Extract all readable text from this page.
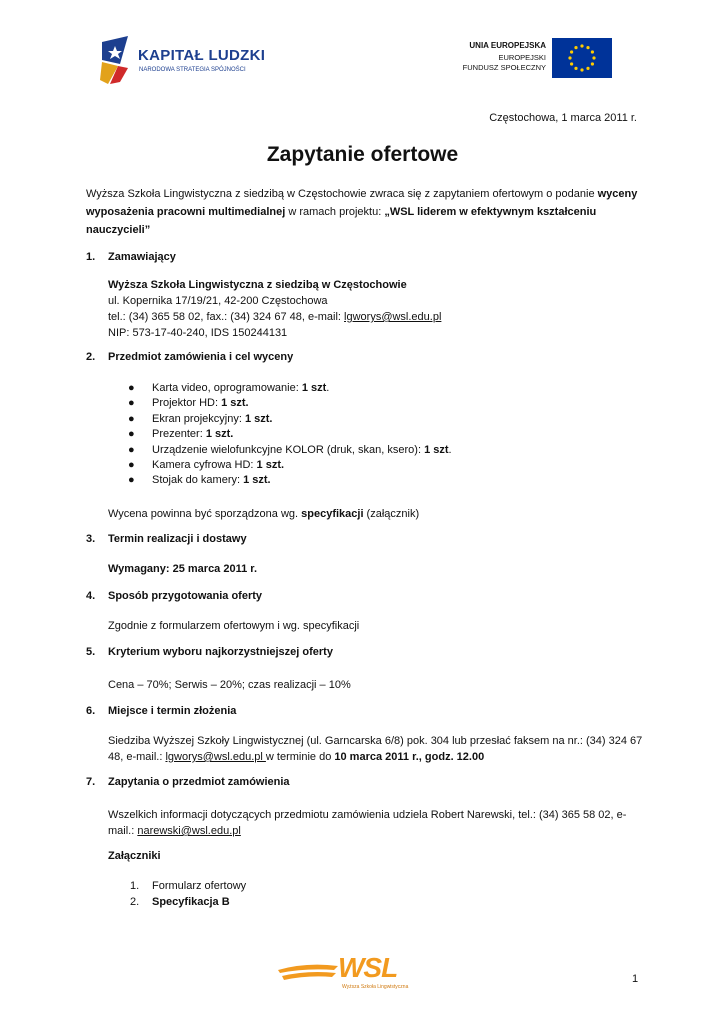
KAPITAŁ LUDZKI
NARODOWA STRATEGIA SPÓJNOŚCI
UNIA EUROPEJSKA
EUROPEJSKI
FUNDUSZ SPOŁECZNY
Częstochowa, 1 marca 2011 r.
Zapytanie ofertowe
Wyższa Szkoła Lingwistyczna z siedzibą w Częstochowie zwraca się z zapytaniem ofertowym o podanie wyceny wyposażenia pracowni multimedialnej w ramach projektu: „WSL liderem w efektywnym kształceniu nauczycieli”
1. Zamawiający
Wyższa Szkoła Lingwistyczna z siedzibą w Częstochowie
ul. Kopernika 17/19/21, 42-200 Częstochowa
tel.: (34) 365 58 02, fax.: (34) 324 67 48, e-mail: lgworys@wsl.edu.pl
NIP: 573-17-40-240, IDS 150244131
2. Przedmiot zamówienia i cel wyceny
● Karta video, oprogramowanie: 1 szt.
● Projektor HD: 1 szt.
● Ekran projekcyjny: 1 szt.
● Prezenter: 1 szt.
● Urządzenie wielofunkcyjne KOLOR (druk, skan, ksero): 1 szt.
● Kamera cyfrowa HD: 1 szt.
● Stojak do kamery: 1 szt.
Wycena powinna być sporządzona wg. specyfikacji (załącznik)
3. Termin realizacji i dostawy
Wymagany: 25 marca 2011 r.
4. Sposób przygotowania oferty
Zgodnie z formularzem ofertowym i wg. specyfikacji
5. Kryterium wyboru najkorzystniejszej oferty
Cena – 70%; Serwis – 20%; czas realizacji – 10%
6. Miejsce i termin złożenia
Siedziba Wyższej Szkoły Lingwistycznej (ul. Garncarska 6/8) pok. 304 lub przesłać faksem na nr.: (34) 324 67 48, e-mail.: lgworys@wsl.edu.pl w terminie do 10 marca 2011 r., godz. 12.00
7. Zapytania o przedmiot zamówienia
Wszelkich informacji dotyczących przedmiotu zamówienia udziela Robert Narewski, tel.: (34) 365 58 02, e-mail.: narewski@wsl.edu.pl
Załączniki
1. Formularz ofertowy
2. Specyfikacja B
WSL
Wyższa Szkoła Lingwistyczna
1
